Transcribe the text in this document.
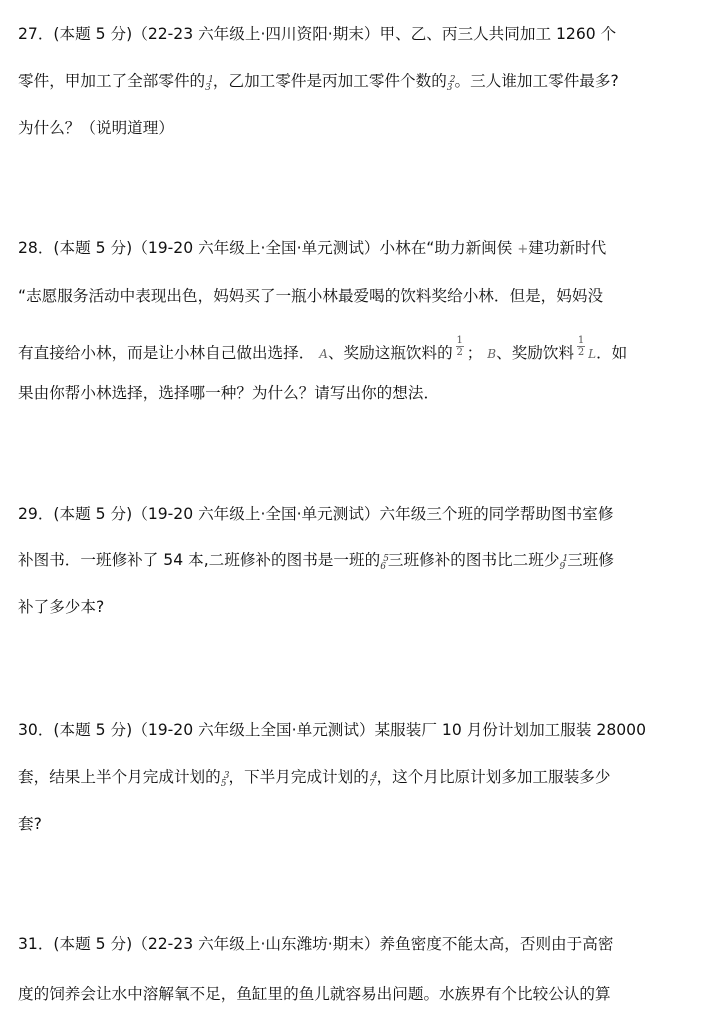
27．(本题 5 分)（22-23 六年级上·四川资阳·期末）甲、乙、丙三人共同加工 1260 个
零件，甲加工了全部零件的 1
3 ，乙加工零件是丙加工零件个数的 2
3 。三人谁加工零件最多?
为什么？（说明道理）
28．(本题 5 分)（19-20 六年级上·全国·单元测试）小林在“助力新闽侯 +建功新时代
“志愿服务活动中表现出色，妈妈买了一瓶小林最爱喝的饮料奖给小林．但是，妈妈没
有直接给小林，而是让小林自己做出选择． A、奖励这瓶饮料的 $\frac{1}{2}$ ； B、奖励饮料 $\frac{1}{2}$ L．如
果由你帮小林选择，选择哪一种？为什么？请写出你的想法．
29．(本题 5 分)（19-20 六年级上·全国·单元测试）六年级三个班的同学帮助图书室修
补图书．一班修补了 54 本,二班修补的图书是一班的 5
6 三班修补的图书比二班少 1
9 三班修
补了多少本?
30．(本题 5 分)（19-20 六年级上全国·单元测试）某服装厂 10 月份计划加工服装 28000
套，结果上半个月完成计划的 3
5 ，下半月完成计划的 4
7 ，这个月比原计划多加工服装多少
套?
31．(本题 5 分)（22-23 六年级上·山东潍坊·期末）养鱼密度不能太高，否则由于高密
度的饲养会让水中溶解氧不足，鱼缸里的鱼儿就容易出问题。水族界有个比较公认的算
